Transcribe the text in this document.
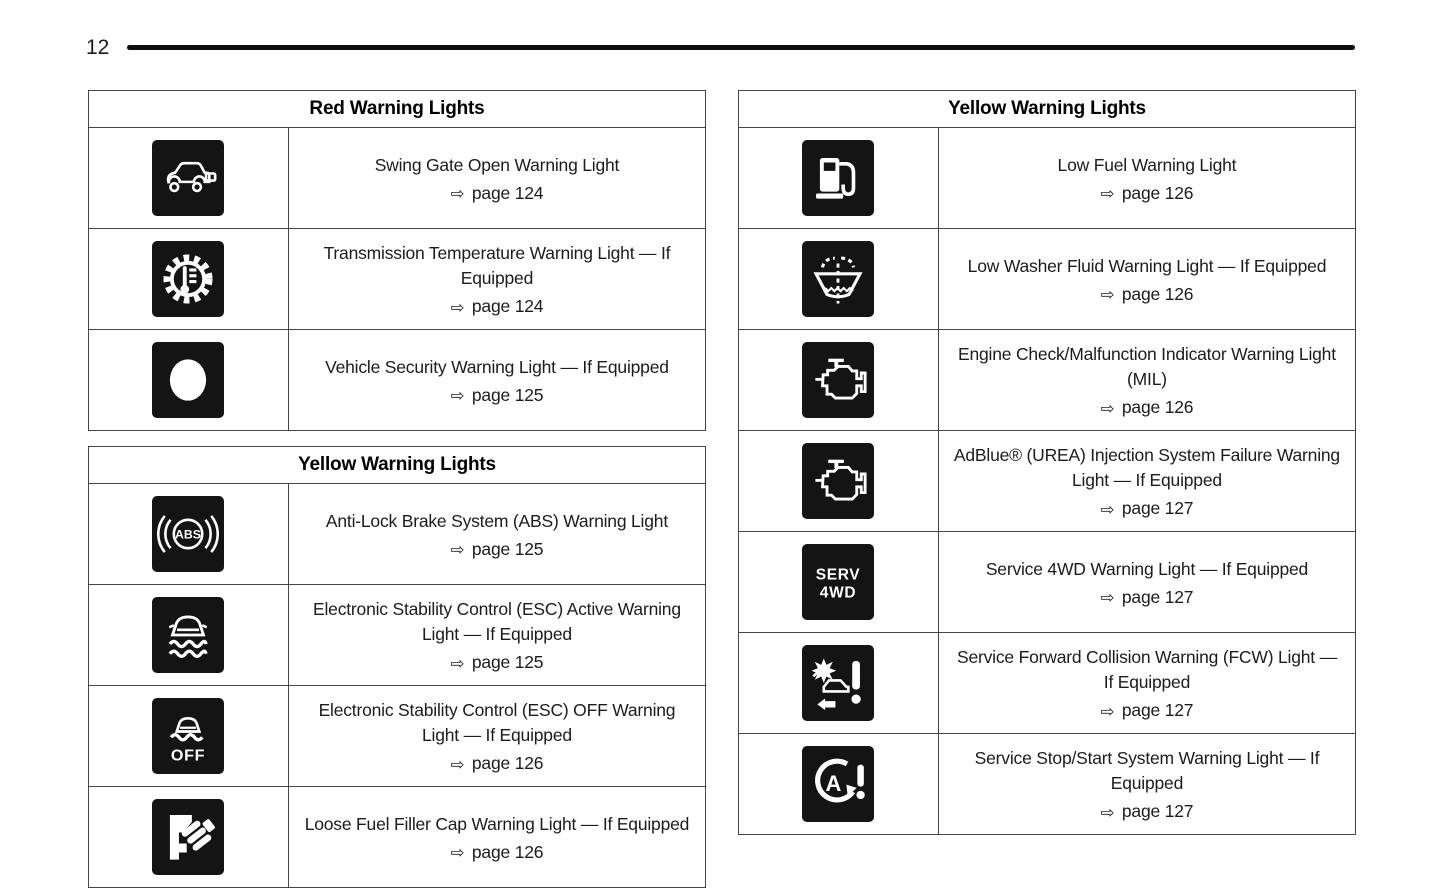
12
Red Warning Lights	

Swing Gate Open Warning Light
⇨ page 124

Transmission Temperature Warning Light — If Equipped
⇨ page 124

Vehicle Security Warning Light — If Equipped
⇨ page 125
Yellow Warning Lights	

Anti-Lock Brake System (ABS) Warning Light
⇨ page 125

Electronic Stability Control (ESC) Active Warning Light — If Equipped
⇨ page 125

Electronic Stability Control (ESC) OFF Warning Light — If Equipped
⇨ page 126

Loose Fuel Filler Cap Warning Light — If Equipped
⇨ page 126
Yellow Warning Lights	

Low Fuel Warning Light
⇨ page 126

Low Washer Fluid Warning Light — If Equipped
⇨ page 126

Engine Check/Malfunction Indicator Warning Light (MIL)
⇨ page 126

AdBlue® (UREA) Injection System Failure Warning Light — If Equipped
⇨ page 127

Service 4WD Warning Light — If Equipped
⇨ page 127

Service Forward Collision Warning (FCW) Light — If Equipped
⇨ page 127

Service Stop/Start System Warning Light — If Equipped
⇨ page 127
